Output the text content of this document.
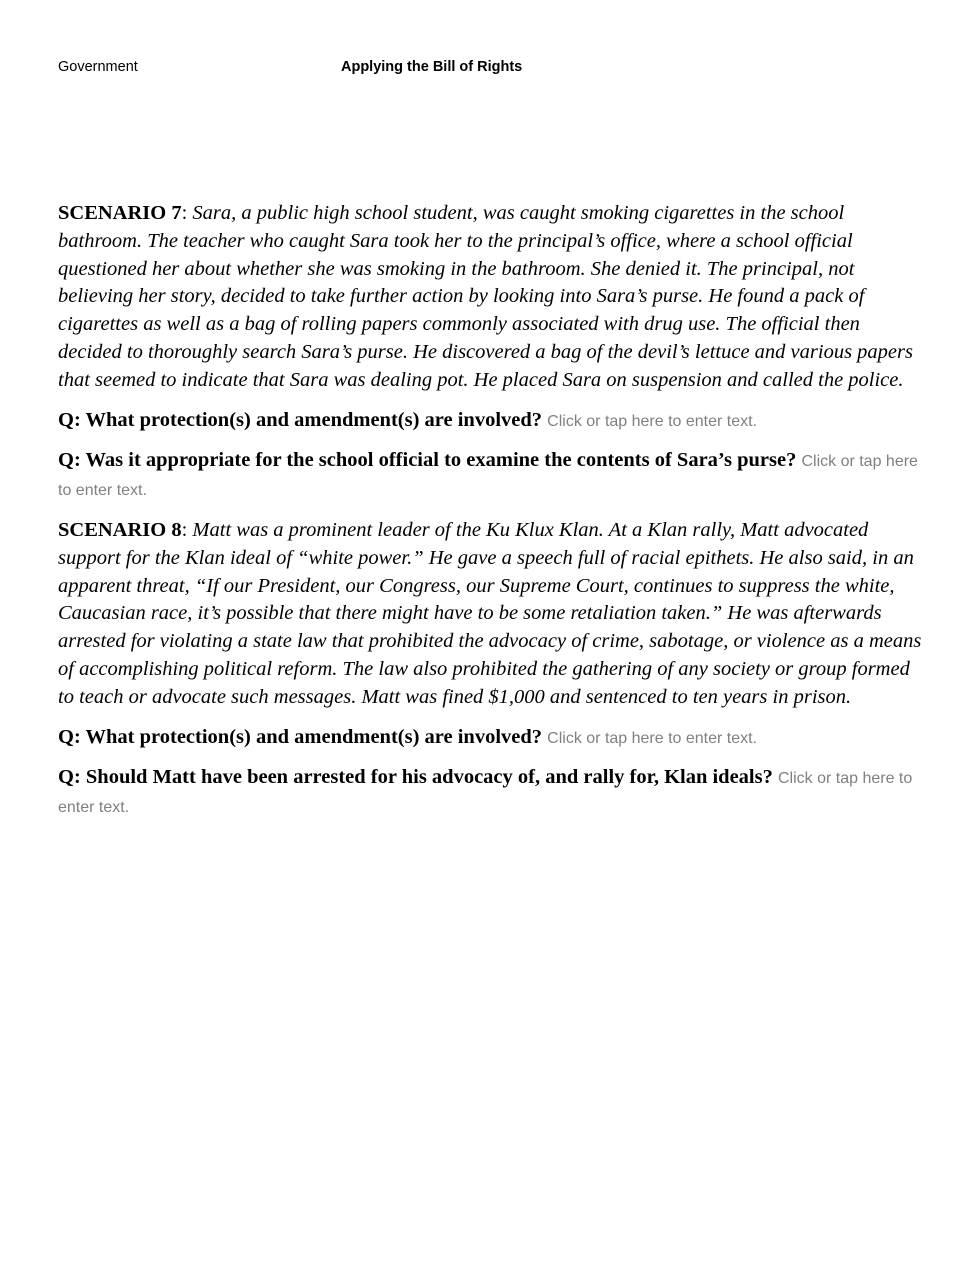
Government	Applying the Bill of Rights

SCENARIO 7: Sara, a public high school student, was caught smoking cigarettes in the school bathroom. The teacher who caught Sara took her to the principal’s office, where a school official questioned her about whether she was smoking in the bathroom. She denied it. The principal, not believing her story, decided to take further action by looking into Sara’s purse. He found a pack of cigarettes as well as a bag of rolling papers commonly associated with drug use. The official then decided to thoroughly search Sara’s purse. He discovered a bag of the devil’s lettuce and various papers that seemed to indicate that Sara was dealing pot. He placed Sara on suspension and called the police.

Q: What protection(s) and amendment(s) are involved? Click or tap here to enter text.

Q: Was it appropriate for the school official to examine the contents of Sara’s purse? Click or tap here to enter text.

SCENARIO 8: Matt was a prominent leader of the Ku Klux Klan. At a Klan rally, Matt advocated support for the Klan ideal of “white power.” He gave a speech full of racial epithets. He also said, in an apparent threat, “If our President, our Congress, our Supreme Court, continues to suppress the white, Caucasian race, it’s possible that there might have to be some retaliation taken.” He was afterwards arrested for violating a state law that prohibited the advocacy of crime, sabotage, or violence as a means of accomplishing political reform. The law also prohibited the gathering of any society or group formed to teach or advocate such messages. Matt was fined $1,000 and sentenced to ten years in prison.

Q: What protection(s) and amendment(s) are involved? Click or tap here to enter text.

Q: Should Matt have been arrested for his advocacy of, and rally for, Klan ideals? Click or tap here to enter text.
